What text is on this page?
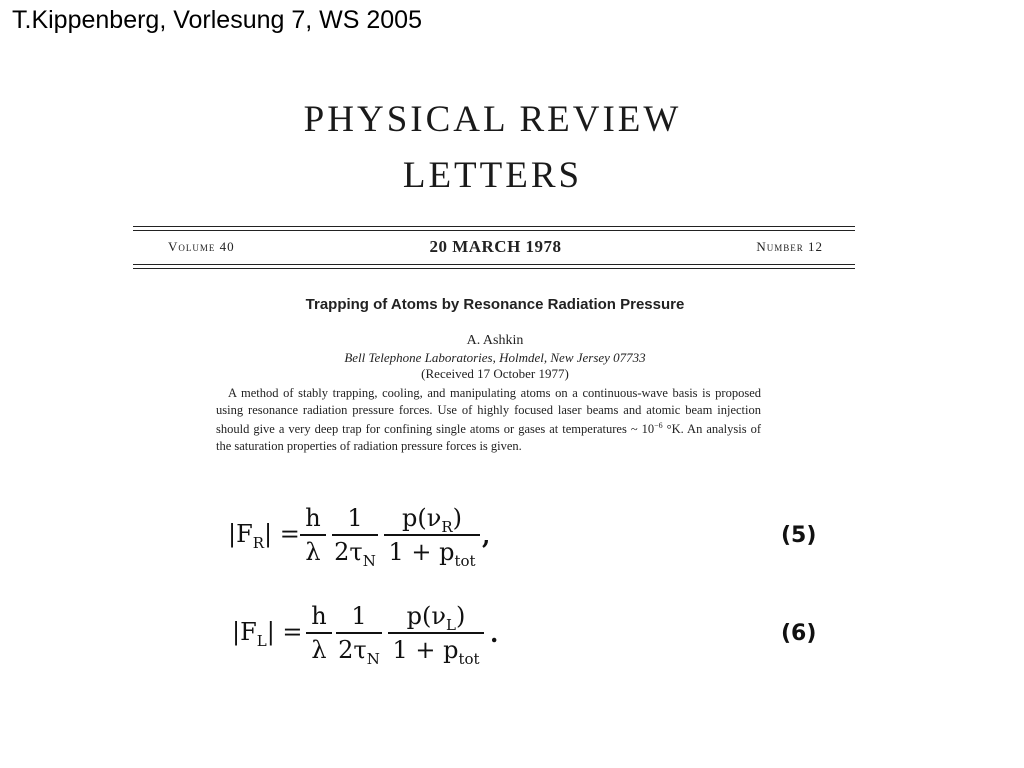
T.Kippenberg, Vorlesung 7, WS 2005
PHYSICAL REVIEW
LETTERS
Volume 40	20 MARCH 1978	Number 12
Trapping of Atoms by Resonance Radiation Pressure
A. Ashkin
Bell Telephone Laboratories, Holmdel, New Jersey 07733
(Received 17 October 1977)
A method of stably trapping, cooling, and manipulating atoms on a continuous-wave basis is proposed using resonance radiation pressure forces. Use of highly focused laser beams and atomic beam injection should give a very deep trap for confining single atoms or gases at temperatures ~ $10^{-6}$ °K. An analysis of the saturation properties of radiation pressure forces is given.
$|F_R|$ =
h
λ
1
$2\tau_N$
$p(\nu_R)$
$1 + p_{tot}$
,	(5)
$|F_L|$ =
h
λ
1
$2\tau_N$
$p(\nu_L)$
$1 + p_{tot}$
.	(6)
